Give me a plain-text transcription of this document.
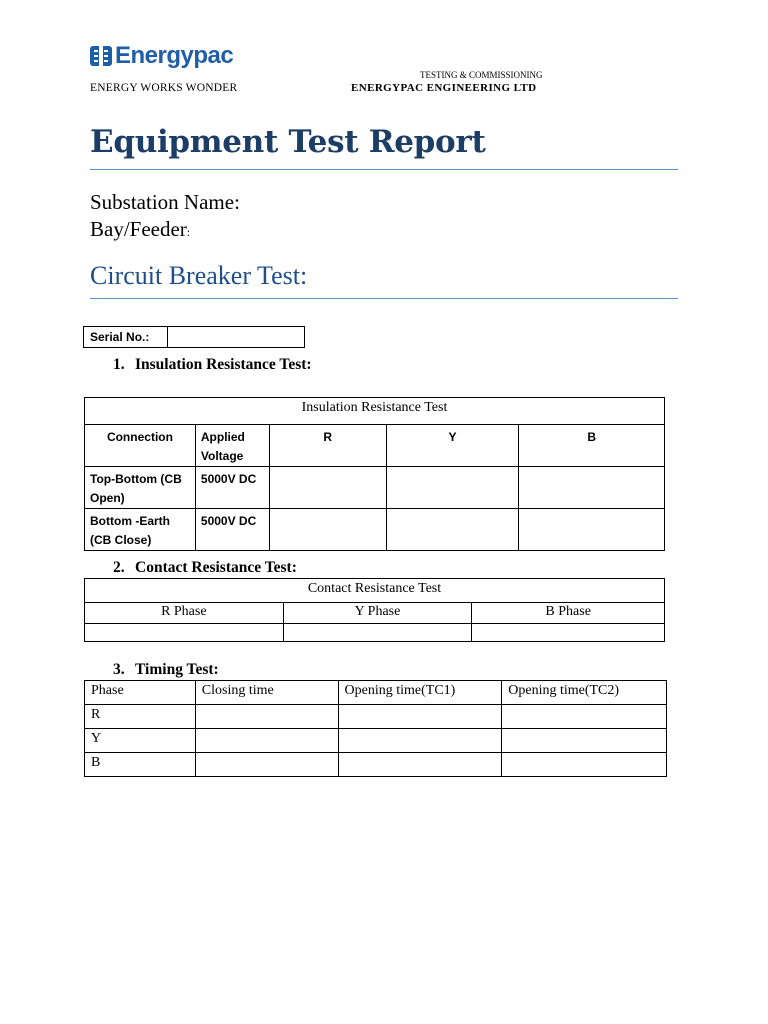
Energypac
ENERGY WORKS WONDER
TESTING & COMMISSIONING
ENERGYPAC ENGINEERING LTD
Equipment Test Report
Substation Name:
Bay/Feeder:
Circuit Breaker Test:
Serial No.:
1. Insulation Resistance Test:
Insulation Resistance Test				
Connection	Applied Voltage	R	Y	B
Top-Bottom (CB Open)	5000V DC			
Bottom -Earth (CB Close)	5000V DC			
2. Contact Resistance Test:
Contact Resistance Test		
R Phase	Y Phase	B Phase

3. Timing Test:
Phase	Closing time	Opening time(TC1)	Opening time(TC2)
R			
Y			
B			
